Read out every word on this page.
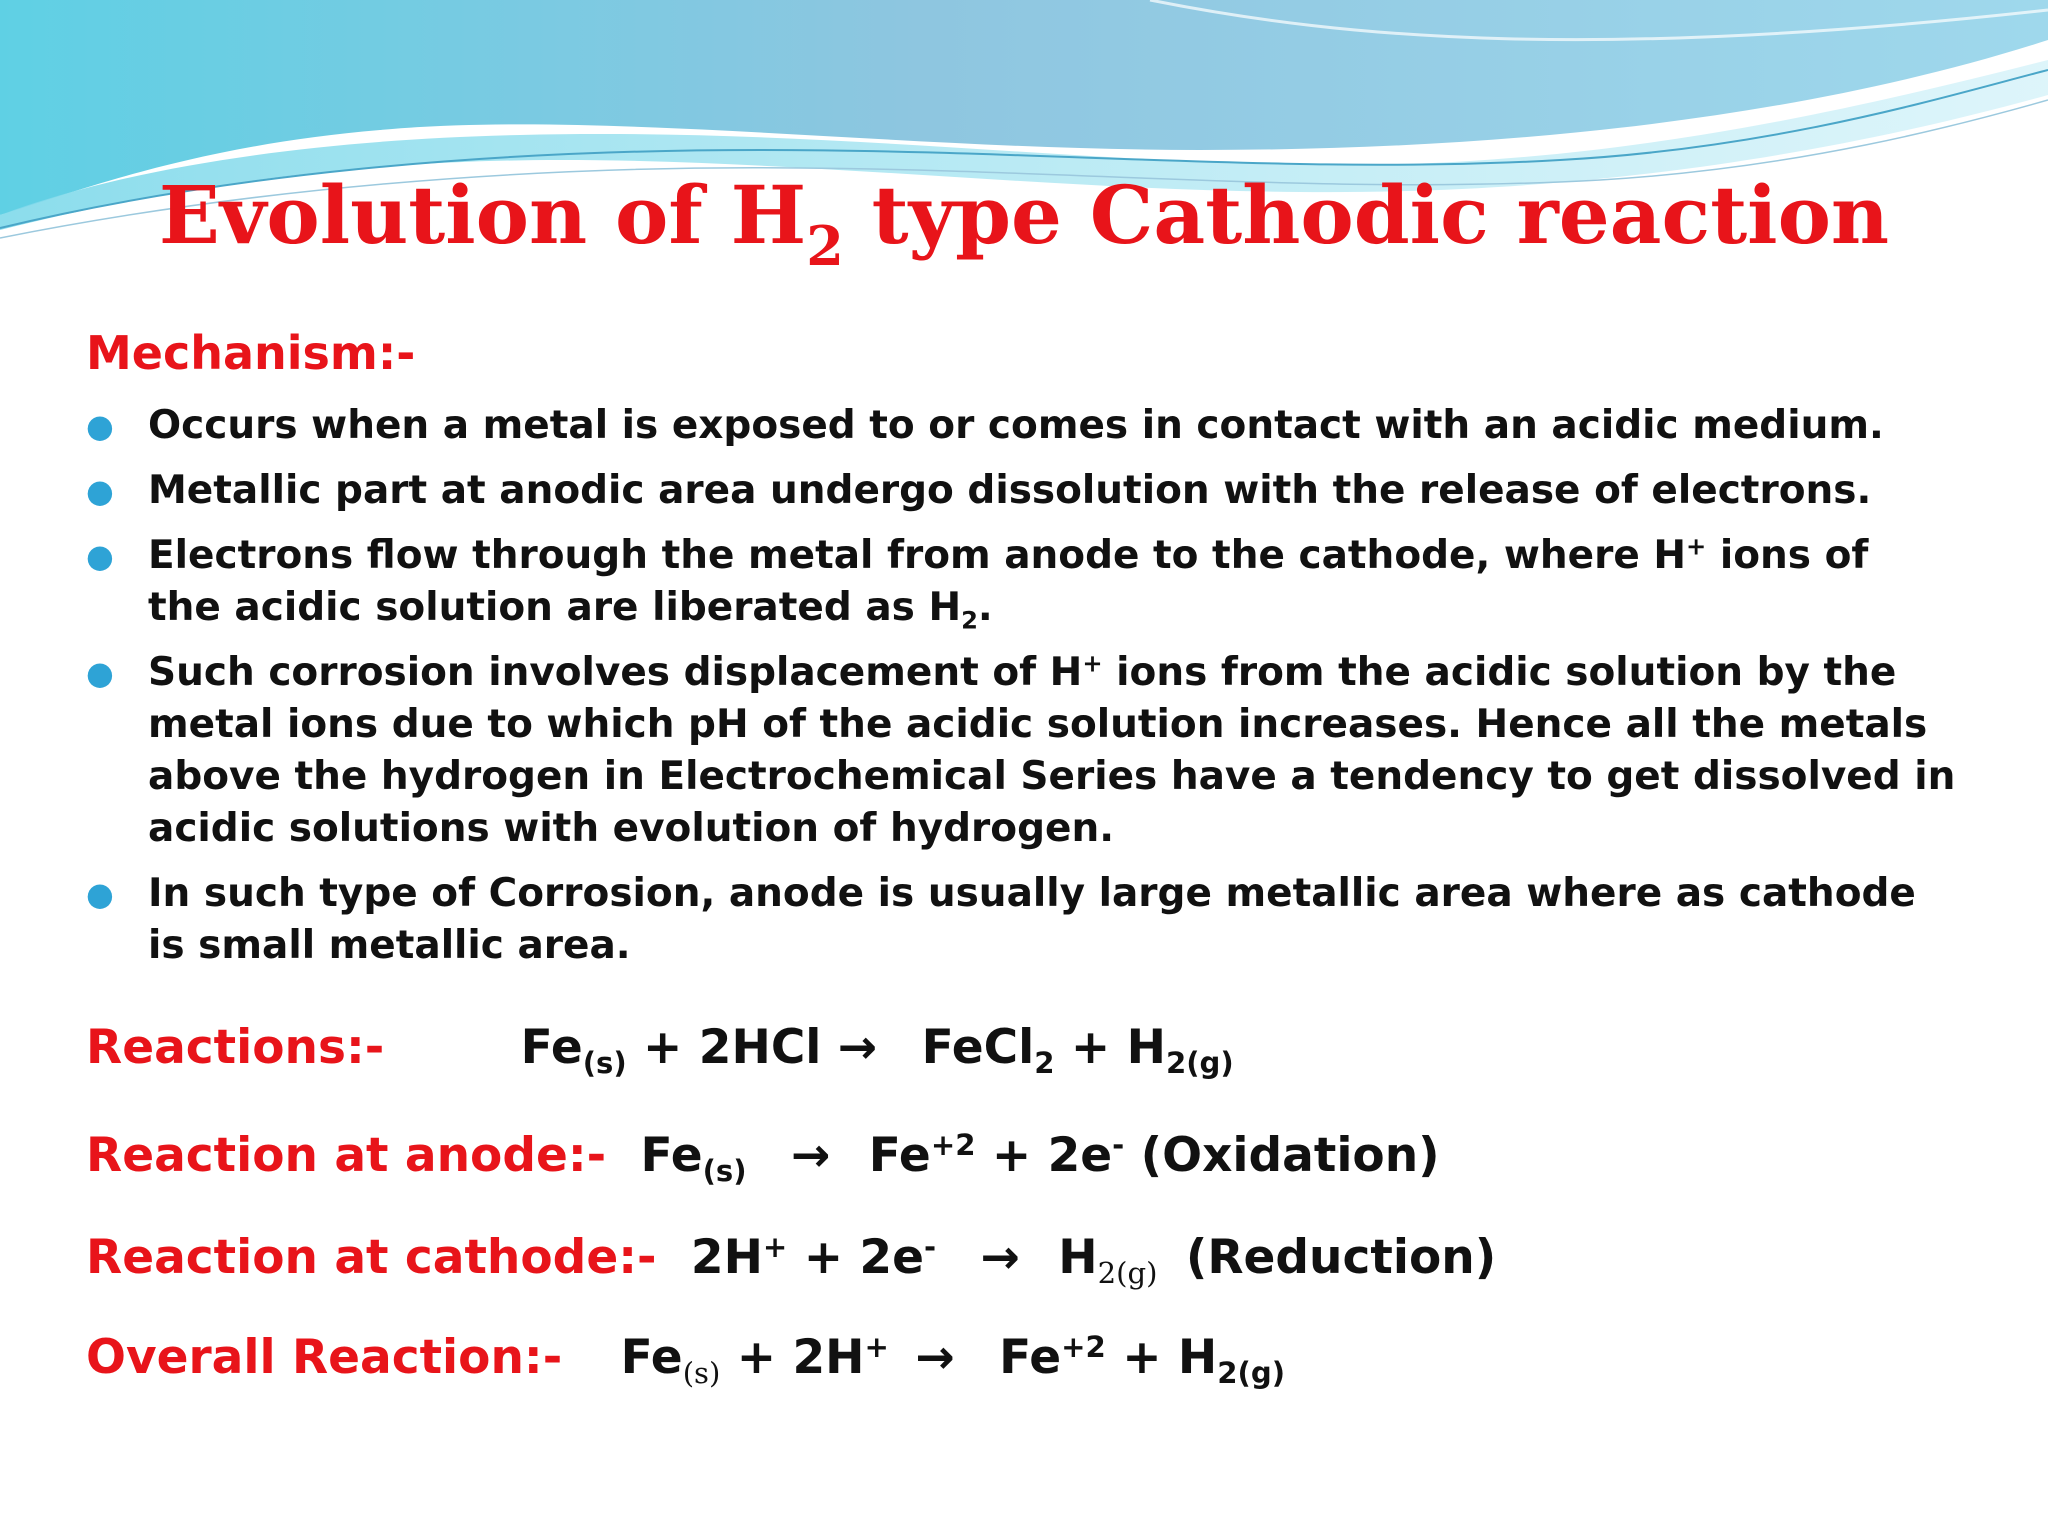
Evolution of $H_2$ type Cathodic reaction
Mechanism:-
● Occurs when a metal is exposed to or comes in contact with an acidic medium.
● Metallic part at anodic area undergo dissolution with the release of electrons.
● Electrons flow through the metal from anode to the cathode, where H+ ions of
the acidic solution are liberated as $H_2$.
● Such corrosion involves displacement of H+ ions from the acidic solution by the
metal ions due to which pH of the acidic solution increases. Hence all the metals
above the hydrogen in Electrochemical Series have a tendency to get dissolved in
acidic solutions with evolution of hydrogen.
● In such type of Corrosion, anode is usually large metallic area where as cathode
is small metallic area.
Reactions:-	$Fe_{(s)} + 2HCl$ → FeCl$_2$ + $H_{2(g)}$
Reaction at anode:- $Fe_{(s)} \to Fe^{+2} + 2e^-$ (Oxidation)
Reaction at cathode:- $2H^+ + 2e^- \to H_{2(g)}$ (Reduction)
Overall Reaction:- $Fe_{(s)} + 2H^+ \to Fe^{+2} + H_{2(g)}$
